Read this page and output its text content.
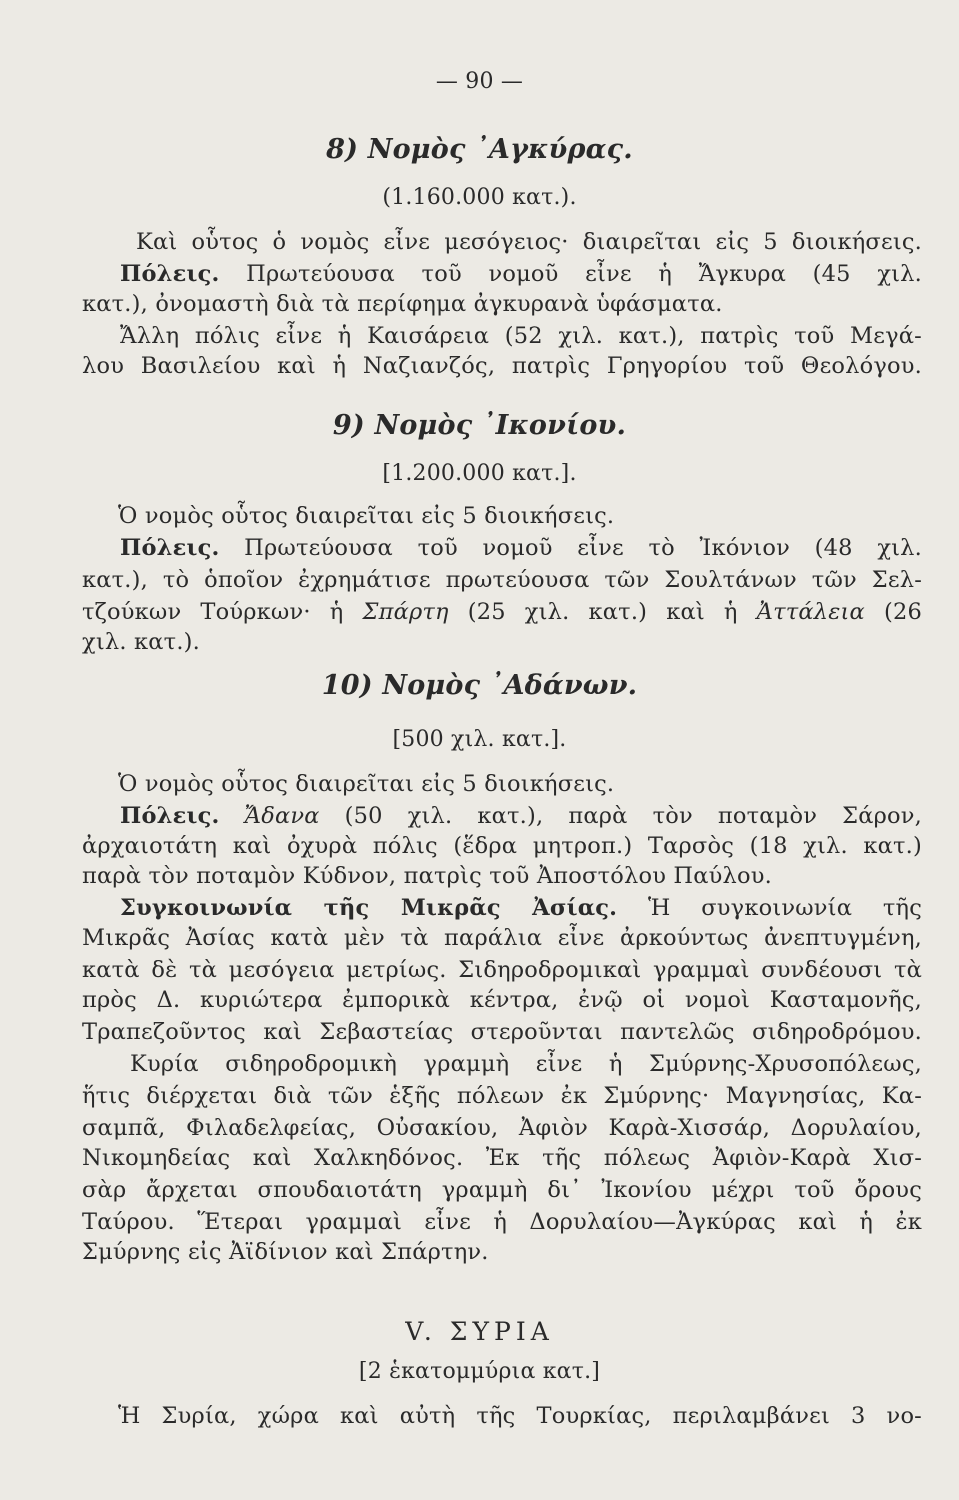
— 90 —

8) Νομὸς ᾿Αγκύρας.

(1.160.000 κατ.).

Καὶ οὗτος ὁ νομὸς εἶνε μεσόγειος· διαιρεῖται εἰς 5 διοικήσεις.

Πόλεις. Πρωτεύουσα τοῦ νομοῦ εἶνε ἡ Ἄγκυρα (45 χιλ.

κατ.), ὀνομαστὴ διὰ τὰ περίφημα ἀγκυρανὰ ὑφάσματα.

Ἄλλη πόλις εἶνε ἡ Καισάρεια (52 χιλ. κατ.), πατρὶς τοῦ Μεγά-

λου Βασιλείου καὶ ἡ Ναζιανζός, πατρὶς Γρηγορίου τοῦ Θεολόγου.

9) Νομὸς ᾿Ικονίου.

[1.200.000 κατ.].

Ὁ νομὸς οὗτος διαιρεῖται εἰς 5 διοικήσεις.

Πόλεις. Πρωτεύουσα τοῦ νομοῦ εἶνε τὸ Ἰκόνιον (48 χιλ.

κατ.), τὸ ὁποῖον ἐχρημάτισε πρωτεύουσα τῶν Σουλτάνων τῶν Σελ-

τζούκων Τούρκων· ἡ Σπάρτη (25 χιλ. κατ.) καὶ ἡ Ἀττάλεια (26

χιλ. κατ.).

10) Νομὸς ᾿Αδάνων.

[500 χιλ. κατ.].

Ὁ νομὸς οὗτος διαιρεῖται εἰς 5 διοικήσεις.

Πόλεις. Ἄδανα (50 χιλ. κατ.), παρὰ τὸν ποταμὸν Σάρον,

ἀρχαιοτάτη καὶ ὀχυρὰ πόλις (ἕδρα μητροπ.) Ταρσὸς (18 χιλ. κατ.)

παρὰ τὸν ποταμὸν Κύδνον, πατρὶς τοῦ Ἀποστόλου Παύλου.

Συγκοινωνία τῆς Μικρᾶς Ἀσίας. Ἡ συγκοινωνία τῆς

Μικρᾶς Ἀσίας κατὰ μὲν τὰ παράλια εἶνε ἀρκούντως ἀνεπτυγμένη,

κατὰ δὲ τὰ μεσόγεια μετρίως. Σιδηροδρομικαὶ γραμμαὶ συνδέουσι τὰ

πρὸς Δ. κυριώτερα ἐμπορικὰ κέντρα, ἐνῷ οἱ νομοὶ Κασταμονῆς,

Τραπεζοῦντος καὶ Σεβαστείας στεροῦνται παντελῶς σιδηροδρόμου.

Κυρία σιδηροδρομικὴ γραμμὴ εἶνε ἡ Σμύρνης-Χρυσοπόλεως,

ἥτις διέρχεται διὰ τῶν ἑξῆς πόλεων ἐκ Σμύρνης· Μαγνησίας, Κα-

σαμπᾶ, Φιλαδελφείας, Οὐσακίου, Ἀφιὸν Καρὰ-Χισσάρ, Δορυλαίου,

Νικομηδείας καὶ Χαλκηδόνος. Ἐκ τῆς πόλεως Ἀφιὸν-Καρὰ Χισ-

σὰρ ἄρχεται σπουδαιοτάτη γραμμὴ δι᾽ Ἰκονίου μέχρι τοῦ ὄρους

Ταύρου. Ἕτεραι γραμμαὶ εἶνε ἡ Δορυλαίου—Ἀγκύρας καὶ ἡ ἐκ

Σμύρνης εἰς Ἀϊδίνιον καὶ Σπάρτην.

V. ΣΥΡΙΑ

[2 ἑκατομμύρια κατ.]

Ἡ Συρία, χώρα καὶ αὐτὴ τῆς Τουρκίας, περιλαμβάνει 3 νο-
